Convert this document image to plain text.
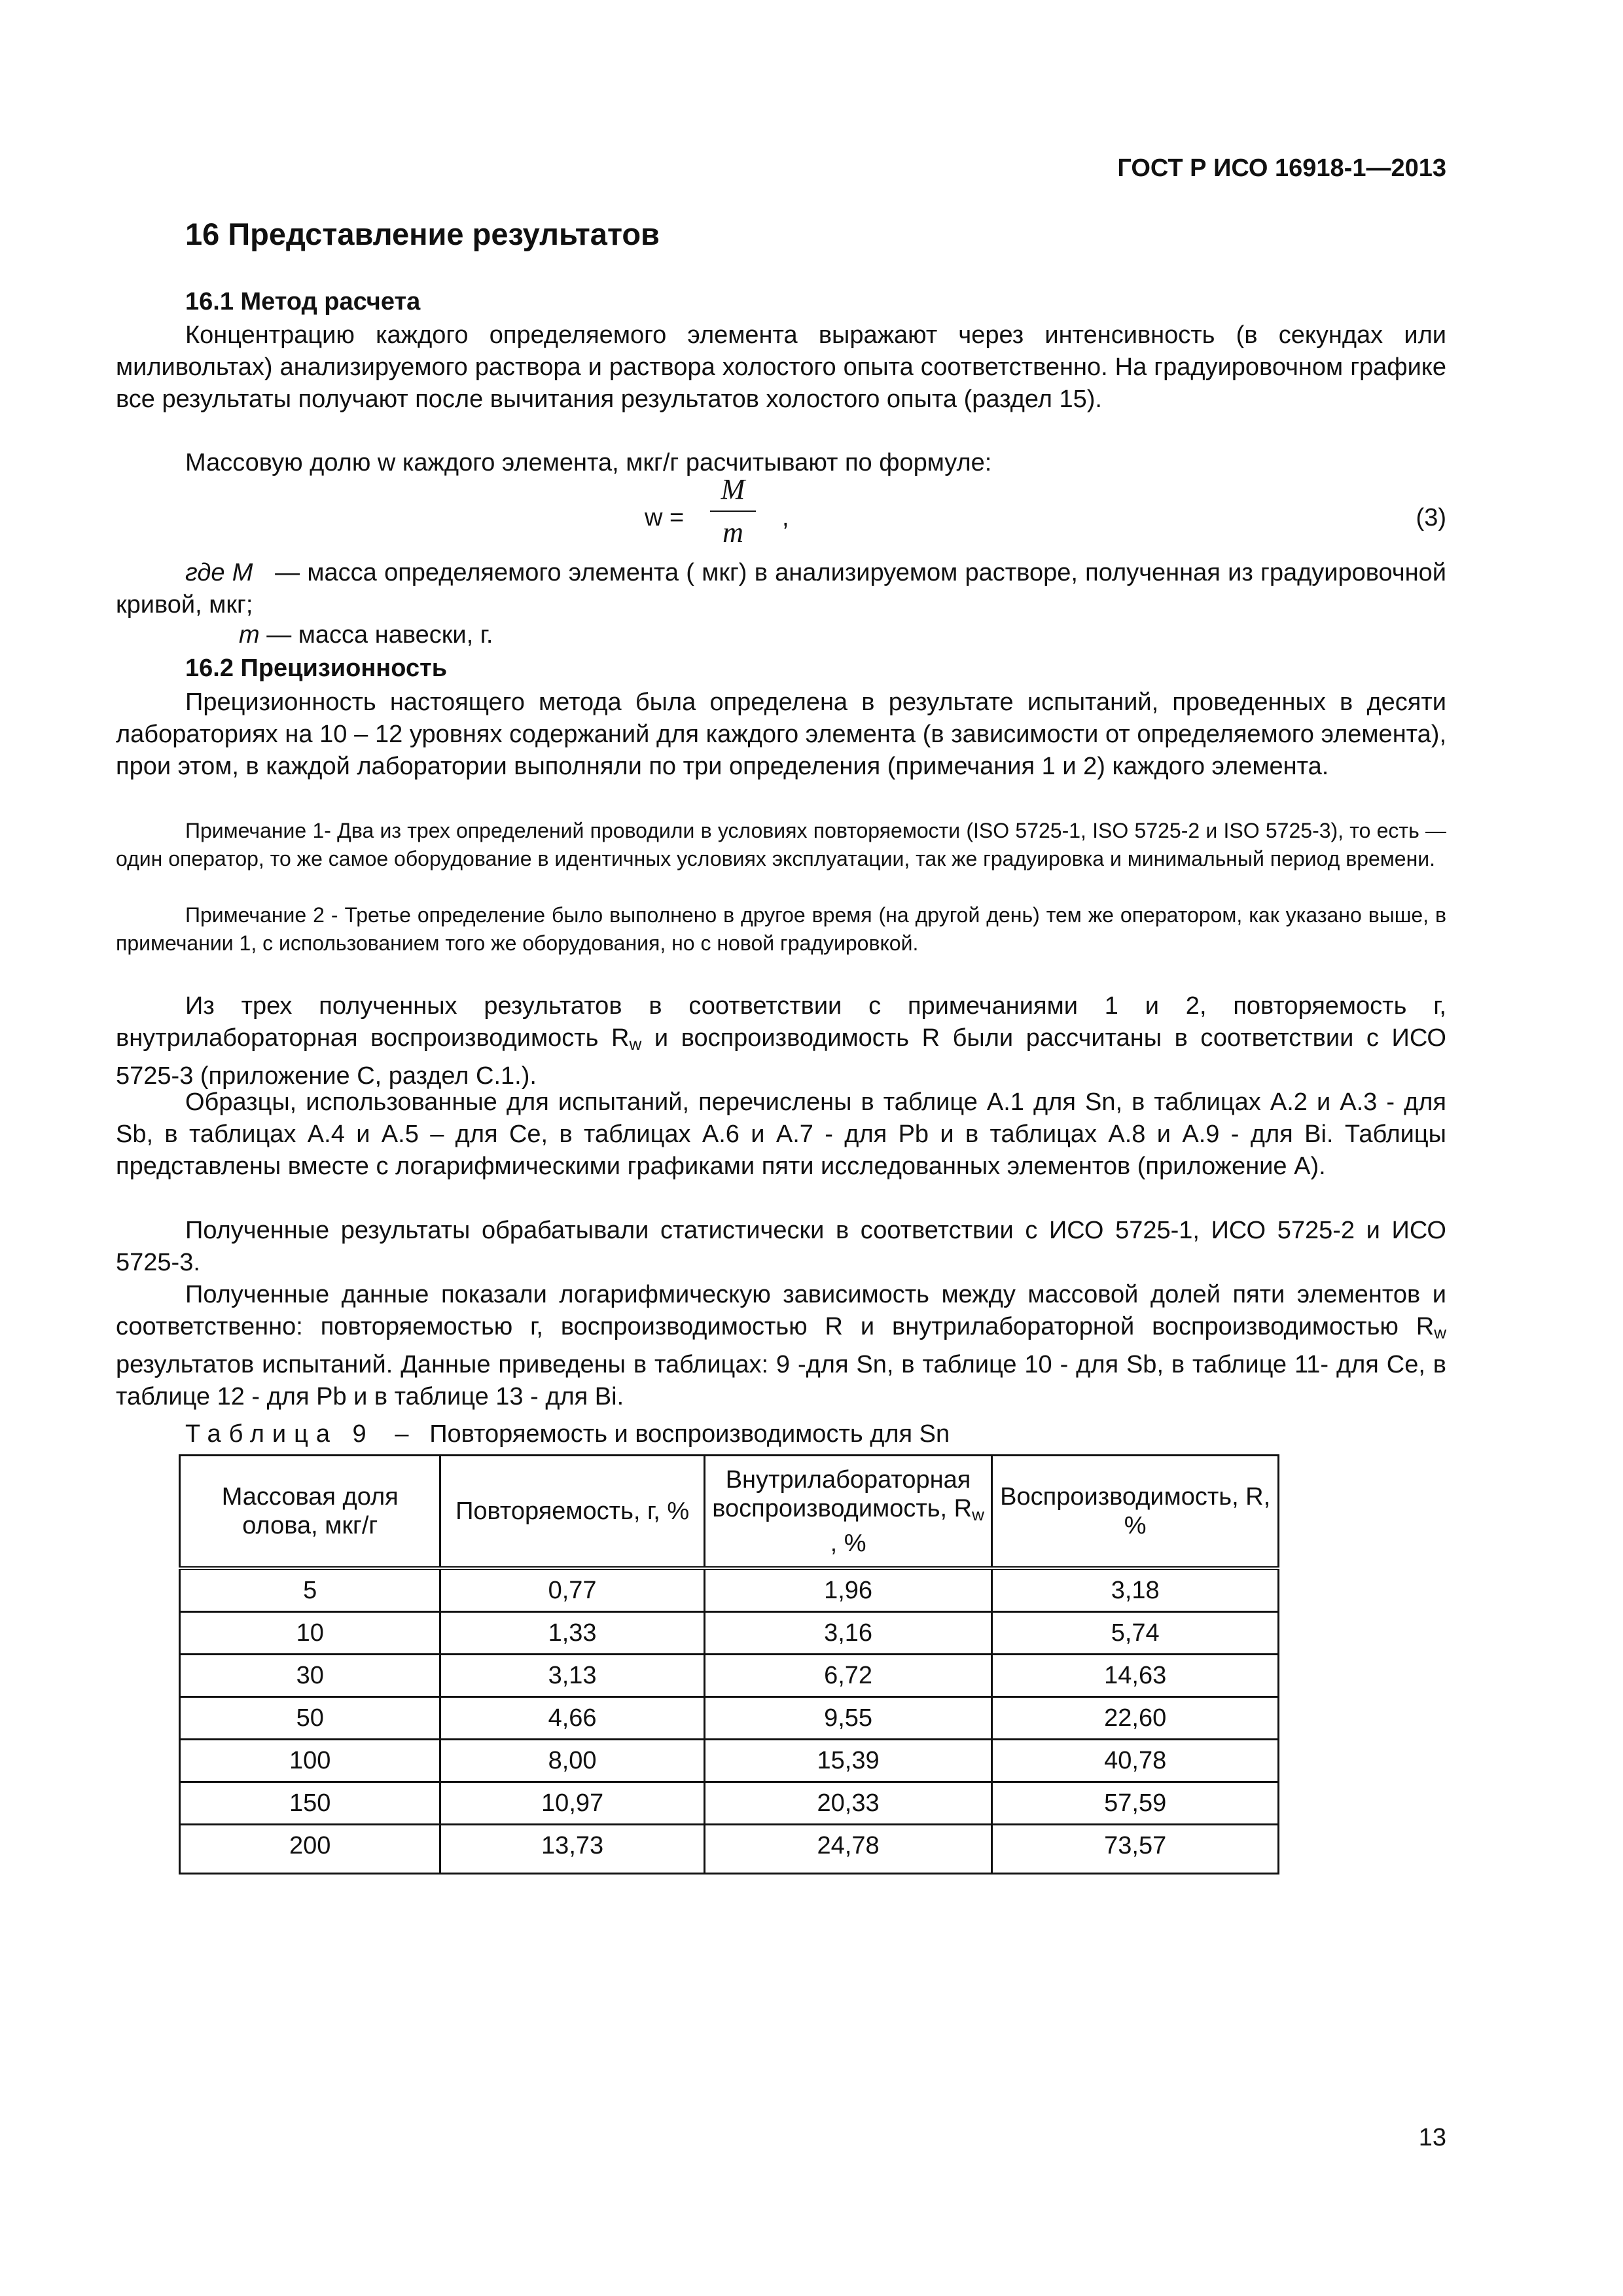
ГОСТ Р ИСО 16918-1—2013
16 Представление результатов
16.1 Метод расчета
Концентрацию каждого определяемого элемента выражают через интенсивность (в секундах или миливольтах) анализируемого раствора и раствора холостого опыта соответственно. На градуировочном графике все результаты получают после вычитания результатов холостого опыта (раздел 15).
Массовую долю w каждого элемента, мкг/г расчитывают по формуле:
w =
M
m	,	(3)
где М — масса определяемого элемента ( мкг) в анализируемом растворе, полученная из градуировочной кривой, мкг;
m — масса навески, г.
16.2 Прецизионность
Прецизионность настоящего метода была определена в результате испытаний, проведенных в десяти лабораториях на 10 – 12 уровнях содержаний для каждого элемента (в зависимости от определяемого элемента), прои этом, в каждой лаборатории выполняли по три определения (примечания 1 и 2) каждого элемента.
Примечание 1- Два из трех определений проводили в условиях повторяемости (ISO 5725-1, ISO 5725-2 и ISO 5725-3), то есть — один оператор, то же самое оборудование в идентичных условиях эксплуатации, так же градуировка и минимальный период времени.
Примечание 2 - Третье определение было выполнено в другое время (на другой день) тем же оператором, как указано выше, в примечании 1, с использованием того же оборудования, но с новой градуировкой.
Из трех полученных результатов в соответствии с примечаниями 1 и 2, повторяемость г, внутрилабораторная воспроизводимость $R_w$ и воспроизводимость R были рассчитаны в соответствии с ИСО 5725-3 (приложение С, раздел С.1.).
Образцы, использованные для испытаний, перечислены в таблице А.1 для Sn, в таблицах А.2 и А.3 - для Sb, в таблицах А.4 и А.5 – для Се, в таблицах А.6 и А.7 - для Pb и в таблицах А.8 и А.9 - для Bi. Таблицы представлены вместе с логарифмическими графиками пяти исследованных элементов (приложение А).
Полученные результаты обрабатывали статистически в соответствии с ИСО 5725-1, ИСО 5725-2 и ИСО 5725-3.
Полученные данные показали логарифмическую зависимость между массовой долей пяти элементов и соответственно: повторяемостью г, воспроизводимостью R и внутрилабораторной воспроизводимостью $R_w$ результатов испытаний. Данные приведены в таблицах: 9 -для Sn, в таблице 10 - для Sb, в таблице 11- для Се, в таблице 12 - для Pb и в таблице 13 - для Bi.
Таблица 9 – Повторяемость и воспроизводимость для Sn
Массовая доля олова, мкг/г	Повторяемость, г, %	Внутрилабораторная воспроизводимость, $R_w$ , %	Воспроизводимость, R, %
5	0,77	1,96	3,18
10	1,33	3,16	5,74
30	3,13	6,72	14,63
50	4,66	9,55	22,60
100	8,00	15,39	40,78
150	10,97	20,33	57,59
200	13,73	24,78	73,57
13
